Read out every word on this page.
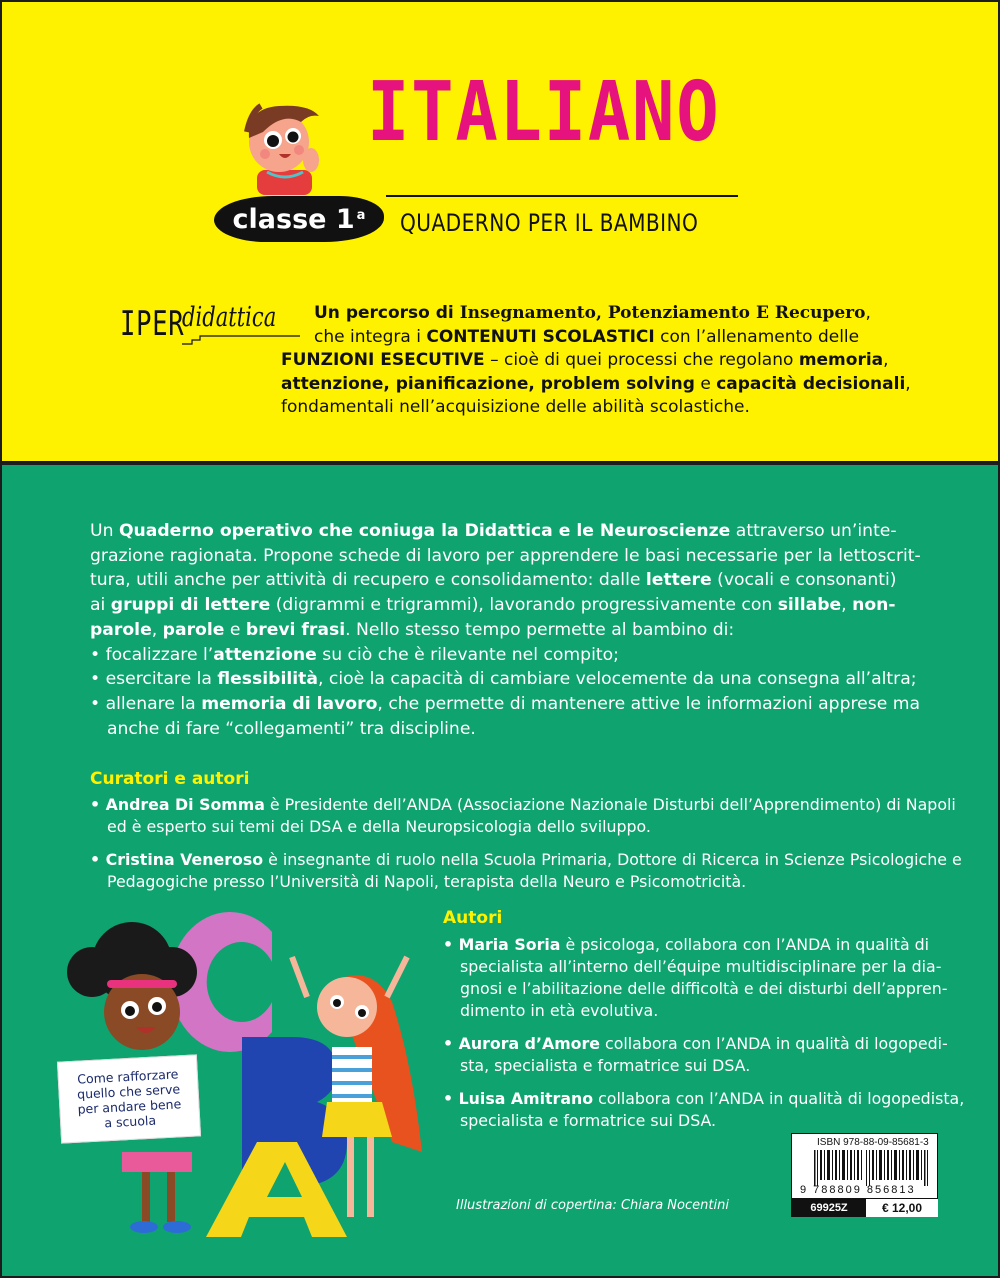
ITALIANO
classe 1$^a$ QUADERNO PER IL BAMBINO
IPER
didattica Un percorso di Insegnamento, Potenziamento E Recupero,
che integra i CONTENUTI SCOLASTICI con l’allenamento delle
FUNZIONI ESECUTIVE – cioè di quei processi che regolano memoria,
attenzione, pianificazione, problem solving e capacità decisionali,
fondamentali nell’acquisizione delle abilità scolastiche.
Un Quaderno operativo che coniuga la Didattica e le Neuroscienze attraverso un’inte-
grazione ragionata. Propone schede di lavoro per apprendere le basi necessarie per la lettoscrit-
tura, utili anche per attività di recupero e consolidamento: dalle lettere (vocali e consonanti)
ai gruppi di lettere (digrammi e trigrammi), lavorando progressivamente con sillabe, non-
parole, parole e brevi frasi. Nello stesso tempo permette al bambino di:
• focalizzare l’attenzione su ciò che è rilevante nel compito;
• esercitare la flessibilità, cioè la capacità di cambiare velocemente da una consegna all’altra;
• allenare la memoria di lavoro, che permette di mantenere attive le informazioni apprese ma
anche di fare “collegamenti” tra discipline.
Curatori e autori
• Andrea Di Somma è Presidente dell’ANDA (Associazione Nazionale Disturbi dell’Apprendimento) di Napoli
ed è esperto sui temi dei DSA e della Neuropsicologia dello sviluppo.
• Cristina Veneroso è insegnante di ruolo nella Scuola Primaria, Dottore di Ricerca in Scienze Psicologiche e
Pedagogiche presso l’Università di Napoli, terapista della Neuro e Psicomotricità.
Autori
• Maria Soria è psicologa, collabora con l’ANDA in qualità di
specialista all’interno dell’équipe multidisciplinare per la dia-
gnosi e l’abilitazione delle difficoltà e dei disturbi dell’appren-
dimento in età evolutiva.
• Aurora d’Amore collabora con l’ANDA in qualità di logopedi-
sta, specialista e formatrice sui DSA.
• Luisa Amitrano collabora con l’ANDA in qualità di logopedista,
specialista e formatrice sui DSA.
Come rafforzare
quello che serve
per andare bene
a scuola
ISBN 978-88-09-85681-3
9 788809 856813
69925Z	€ 12,00
Illustrazioni di copertina: Chiara Nocentini
